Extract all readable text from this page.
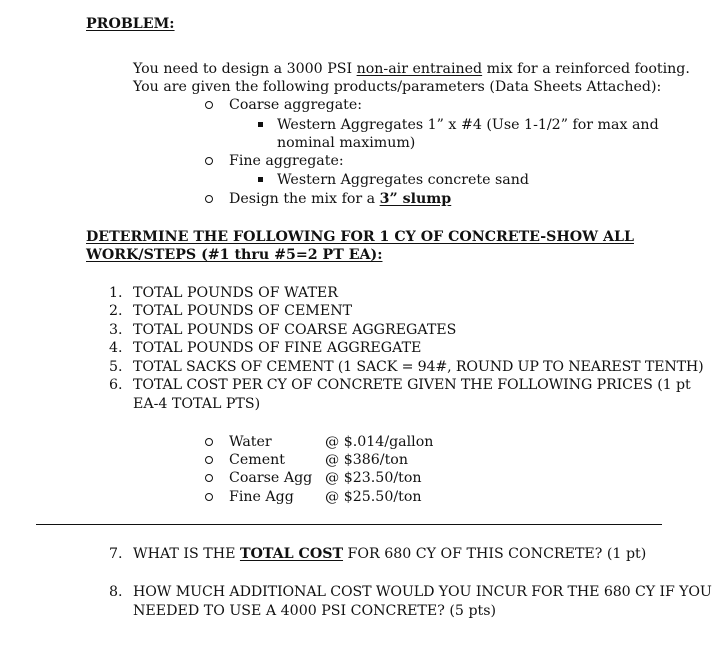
PROBLEM:
You need to design a 3000 PSI non-air entrained mix for a reinforced footing.
You are given the following products/parameters (Data Sheets Attached):
Coarse aggregate:
Western Aggregates 1” x #4 (Use 1-1/2” for max and
nominal maximum)
Fine aggregate:
Western Aggregates concrete sand
Design the mix for a 3” slump
DETERMINE THE FOLLOWING FOR 1 CY OF CONCRETE-SHOW ALL
WORK/STEPS (#1 thru #5=2 PT EA):
1. TOTAL POUNDS OF WATER
2. TOTAL POUNDS OF CEMENT
3. TOTAL POUNDS OF COARSE AGGREGATES
4. TOTAL POUNDS OF FINE AGGREGATE
5. TOTAL SACKS OF CEMENT (1 SACK = 94#, ROUND UP TO NEAREST TENTH)
6. TOTAL COST PER CY OF CONCRETE GIVEN THE FOLLOWING PRICES (1 pt
EA-4 TOTAL PTS)
Water	@ $.014/gallon
Cement	@ $386/ton
Coarse Agg @ $23.50/ton
Fine Agg @ $25.50/ton
7. WHAT IS THE TOTAL COST FOR 680 CY OF THIS CONCRETE? (1 pt)
8. HOW MUCH ADDITIONAL COST WOULD YOU INCUR FOR THE 680 CY IF YOU
NEEDED TO USE A 4000 PSI CONCRETE? (5 pts)
